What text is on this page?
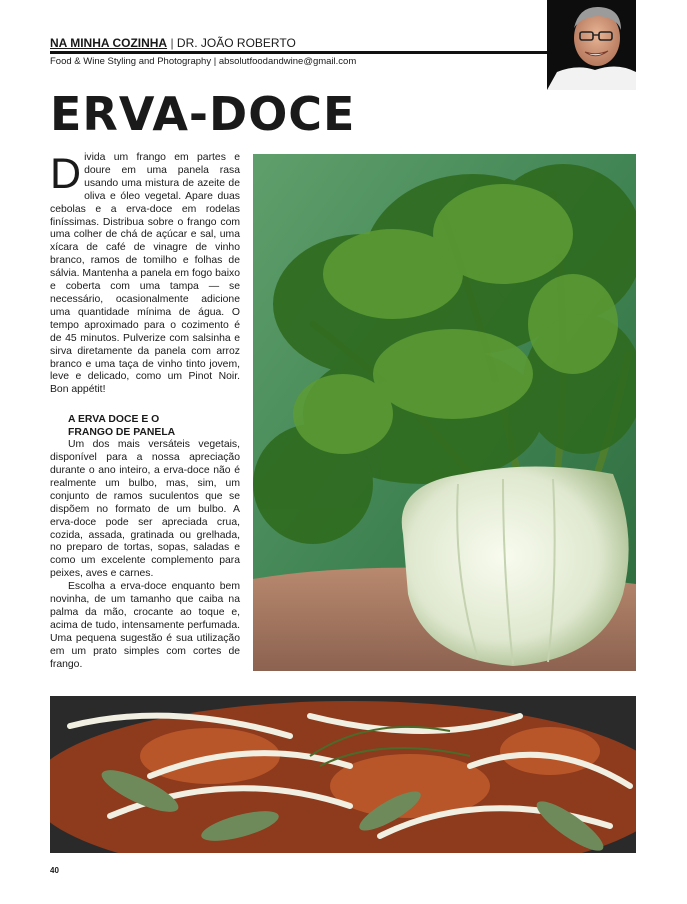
NA MINHA COZINHA | DR. JOÃO ROBERTO
Food & Wine Styling and Photography | absolutfoodandwine@gmail.com
ERVA-DOCE

Divida um frango em partes e doure em uma panela rasa usando uma mistura de azeite de oliva e óleo vegetal. Apare duas cebolas e a erva-doce em rodelas finíssimas. Distribua sobre o frango com uma colher de chá de açúcar e sal, uma xícara de café de vinagre de vinho branco, ramos de tomilho e folhas de sálvia. Mantenha a panela em fogo baixo e coberta com uma tampa — se necessário, ocasionalmente adicione uma quantidade mínima de água. O tempo aproximado para o cozimento é de 45 minutos. Pulverize com salsinha e sirva diretamente da panela com arroz branco e uma taça de vinho tinto jovem, leve e delicado, como um Pinot Noir. Bon appétit!

A ERVA DOCE E O
FRANGO DE PANELA

Um dos mais versáteis vegetais, disponível para a nossa apreciação durante o ano inteiro, a erva-doce não é realmente um bulbo, mas, sim, um conjunto de ramos suculentos que se dispõem no formato de um bulbo. A erva-doce pode ser apreciada crua, cozida, assada, gratinada ou grelhada, no preparo de tortas, sopas, saladas e como um excelente complemento para peixes, aves e carnes.

Escolha a erva-doce enquanto bem novinha, de um tamanho que caiba na palma da mão, crocante ao toque e, acima de tudo, intensamente perfumada. Uma pequena sugestão é sua utilização em um prato simples com cortes de frango.

40
